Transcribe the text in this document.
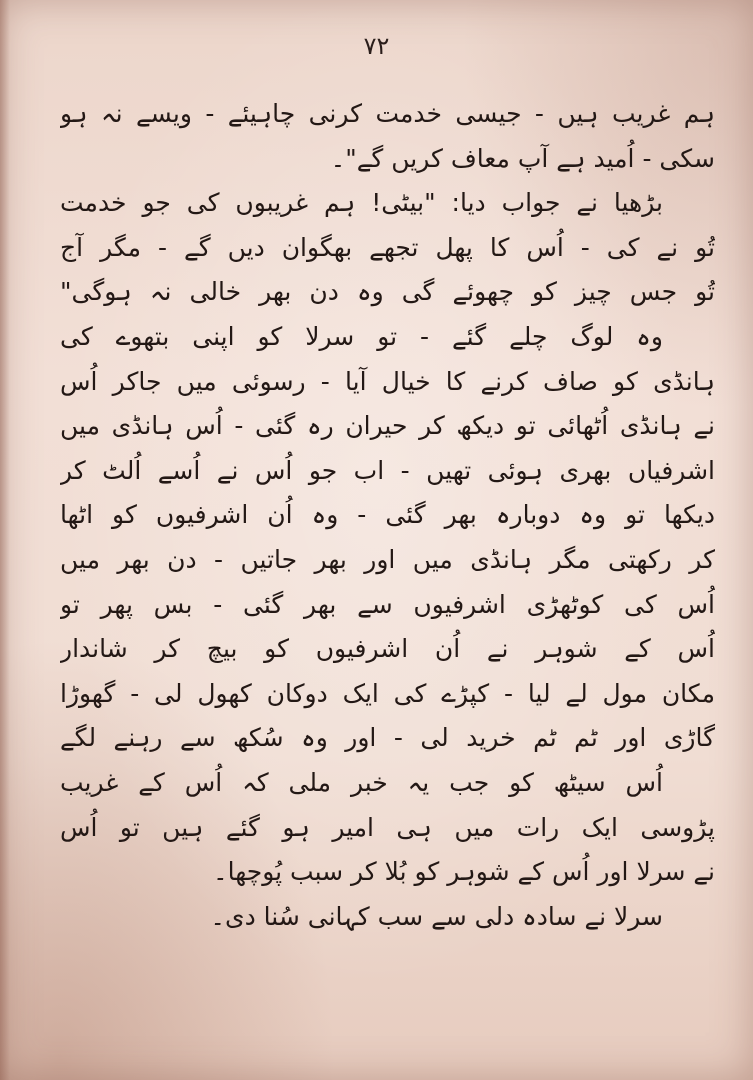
۷۲
ہم غریب ہیں - جیسی خدمت کرنی چاہیئے - ویسے نہ ہو
سکی - اُمید ہے آپ معاف کریں گے"۔
بڑھیا نے جواب دیا: "بیٹی! ہم غریبوں کی جو خدمت
تُو نے کی - اُس کا پھل تجھے بھگوان دیں گے - مگر آج
تُو جس چیز کو چھوئے گی وہ دن بھر خالی نہ ہوگی"
وہ لوگ چلے گئے - تو سرلا کو اپنی بتھوے کی
ہانڈی کو صاف کرنے کا خیال آیا - رسوئی میں جاکر اُس
نے ہانڈی اُٹھائی تو دیکھ کر حیران رہ گئی - اُس ہانڈی میں
اشرفیاں بھری ہوئی تھیں - اب جو اُس نے اُسے اُلٹ کر
دیکھا تو وہ دوبارہ بھر گئی - وہ اُن اشرفیوں کو اٹھا
کر رکھتی مگر ہانڈی میں اور بھر جاتیں - دن بھر میں
اُس کی کوٹھڑی اشرفیوں سے بھر گئی - بس پھر تو
اُس کے شوہر نے اُن اشرفیوں کو بیچ کر شاندار
مکان مول لے لیا - کپڑے کی ایک دوکان کھول لی - گھوڑا
گاڑی اور ٹم ٹم خرید لی - اور وہ سُکھ سے رہنے لگے
اُس سیٹھ کو جب یہ خبر ملی کہ اُس کے غریب
پڑوسی ایک رات میں ہی امیر ہو گئے ہیں تو اُس
نے سرلا اور اُس کے شوہر کو بُلا کر سبب پُوچھا۔
سرلا نے سادہ دلی سے سب کہانی سُنا دی۔
